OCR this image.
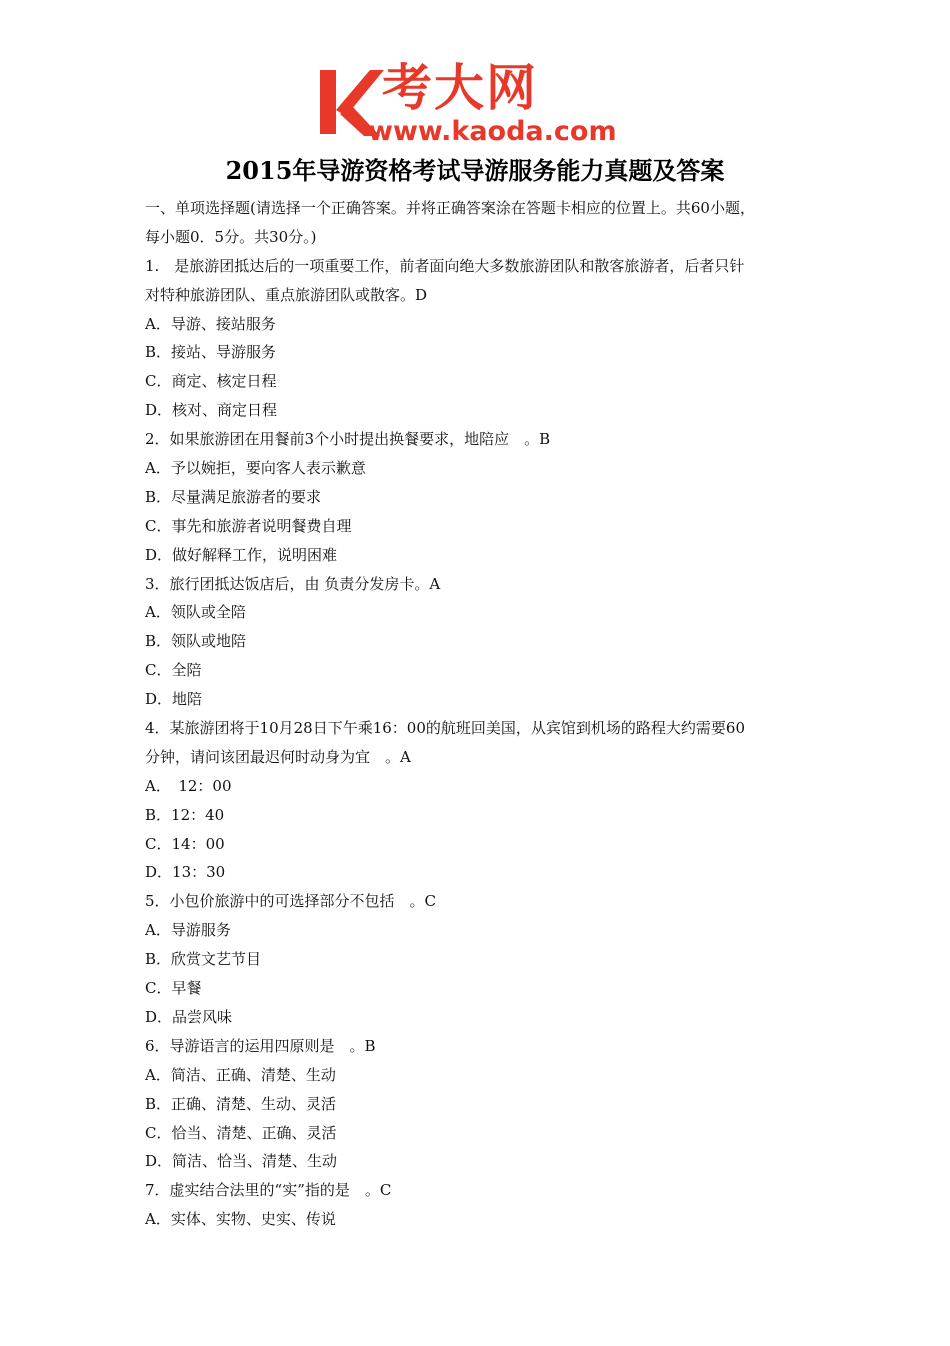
考大网
www.kaoda.com
2015年导游资格考试导游服务能力真题及答案
一、单项选择题(请选择一个正确答案。并将正确答案涂在答题卡相应的位置上。共60小题，
每小题0．5分。共30分。)
1.　是旅游团抵达后的一项重要工作，前者面向绝大多数旅游团队和散客旅游者，后者只针
对特种旅游团队、重点旅游团队或散客。D
A．导游、接站服务
B．接站、导游服务
C．商定、核定日程
D．核对、商定日程
2．如果旅游团在用餐前3个小时提出换餐要求，地陪应　。B
A．予以婉拒，要向客人表示歉意
B．尽量满足旅游者的要求
C．事先和旅游者说明餐费自理
D．做好解释工作，说明困难
3．旅行团抵达饭店后，由 负责分发房卡。A
A．领队或全陪
B．领队或地陪
C．全陪
D．地陪
4．某旅游团将于10月28日下午乘16：00的航班回美国，从宾馆到机场的路程大约需要60
分钟，请问该团最迟何时动身为宜　。A
A．　12：00
B．12：40
C．14：00
D．13：30
5．小包价旅游中的可选择部分不包括　。C
A．导游服务
B．欣赏文艺节目
C．早餐
D．品尝风味
6．导游语言的运用四原则是　。B
A．简洁、正确、清楚、生动
B．正确、清楚、生动、灵活
C．恰当、清楚、正确、灵活
D．简洁、恰当、清楚、生动
7．虚实结合法里的“实”指的是　。C
A．实体、实物、史实、传说
